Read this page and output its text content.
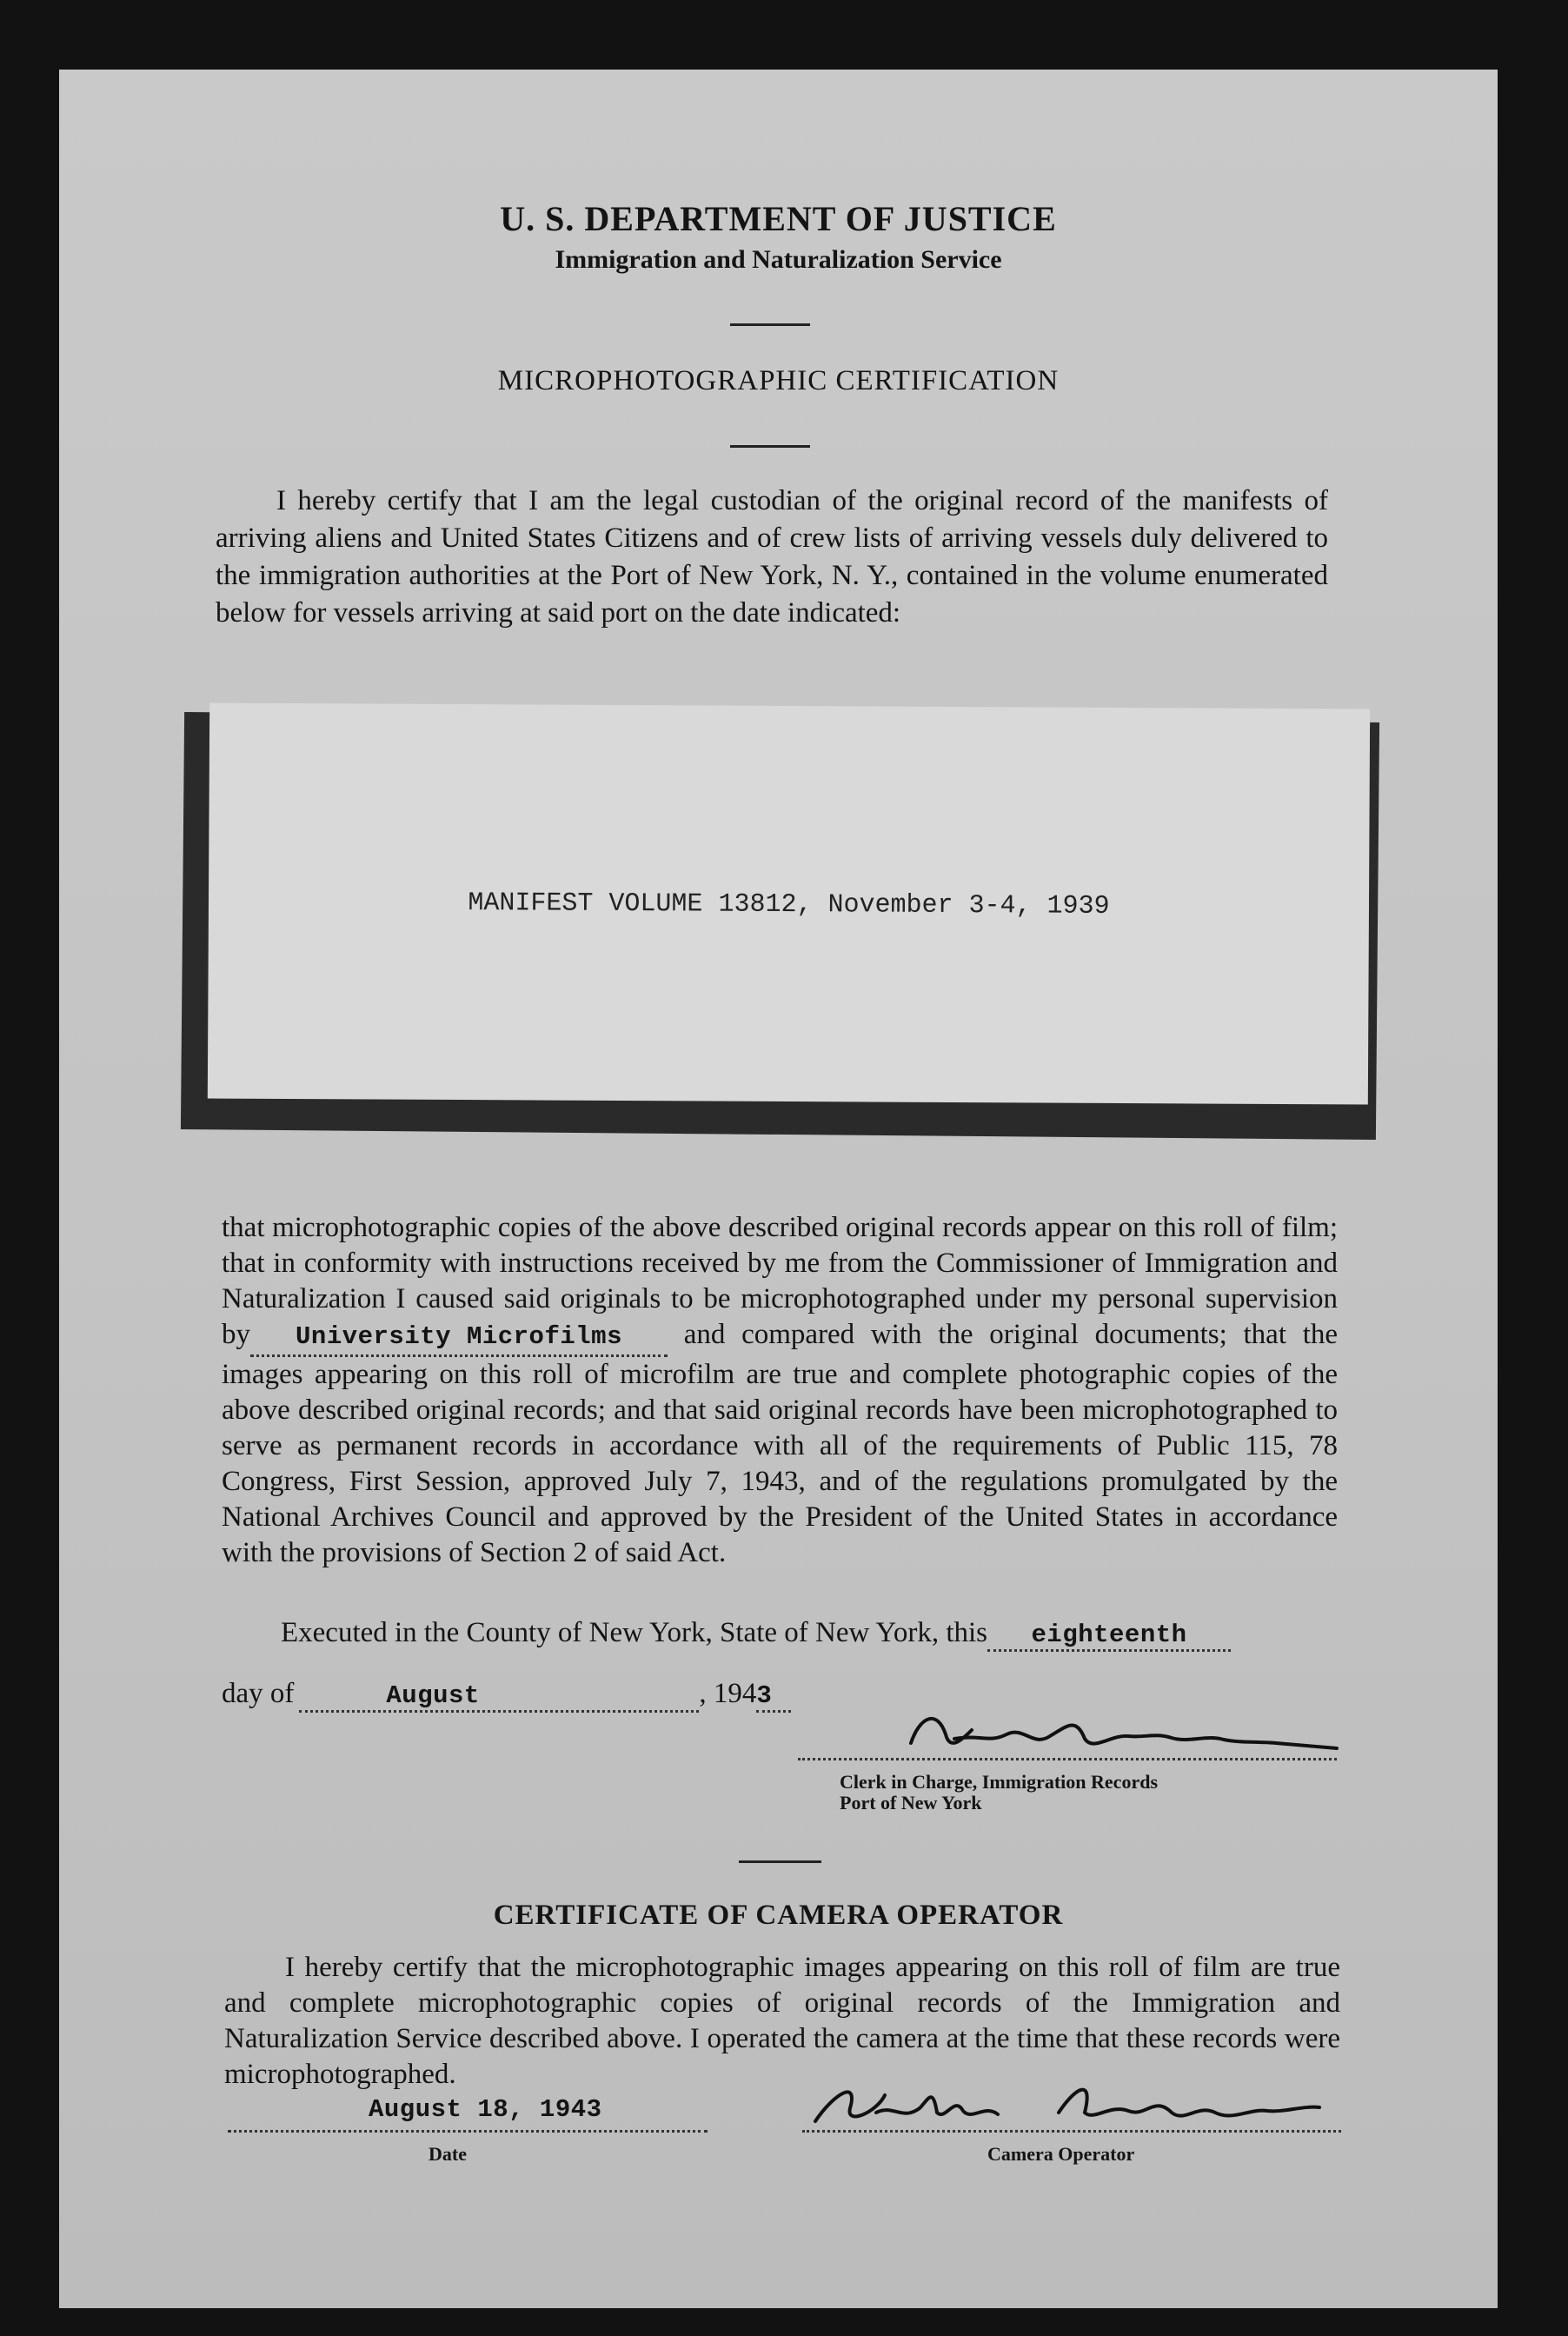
U. S. DEPARTMENT OF JUSTICE
Immigration and Naturalization Service
MICROPHOTOGRAPHIC CERTIFICATION
I hereby certify that I am the legal custodian of the original record of the manifests of arriving aliens and United States Citizens and of crew lists of arriving vessels duly delivered to the immigration authorities at the Port of New York, N. Y., contained in the volume enumerated below for vessels arriving at said port on the date indicated:
MANIFEST VOLUME 13812, November 3-4, 1939
that microphotographic copies of the above described original records appear on this roll of film; that in conformity with instructions received by me from the Commissioner of Immigration and Naturalization I caused said originals to be microphotographed under my personal supervision by University Microfilms and compared with the original documents; that the images appearing on this roll of microfilm are true and complete photographic copies of the above described original records; and that said original records have been microphotographed to serve as permanent records in accordance with all of the requirements of Public 115, 78 Congress, First Session, approved July 7, 1943, and of the regulations promulgated by the National Archives Council and approved by the President of the United States in accordance with the provisions of Section 2 of said Act.
Executed in the County of New York, State of New York, this eighteenth
day of	August	, 1943
Clerk in Charge, Immigration Records
Port of New York
CERTIFICATE OF CAMERA OPERATOR
I hereby certify that the microphotographic images appearing on this roll of film are true and complete microphotographic copies of original records of the Immigration and Naturalization Service described above. I operated the camera at the time that these records were microphotographed.
August 18, 1943
Date	Camera Operator
